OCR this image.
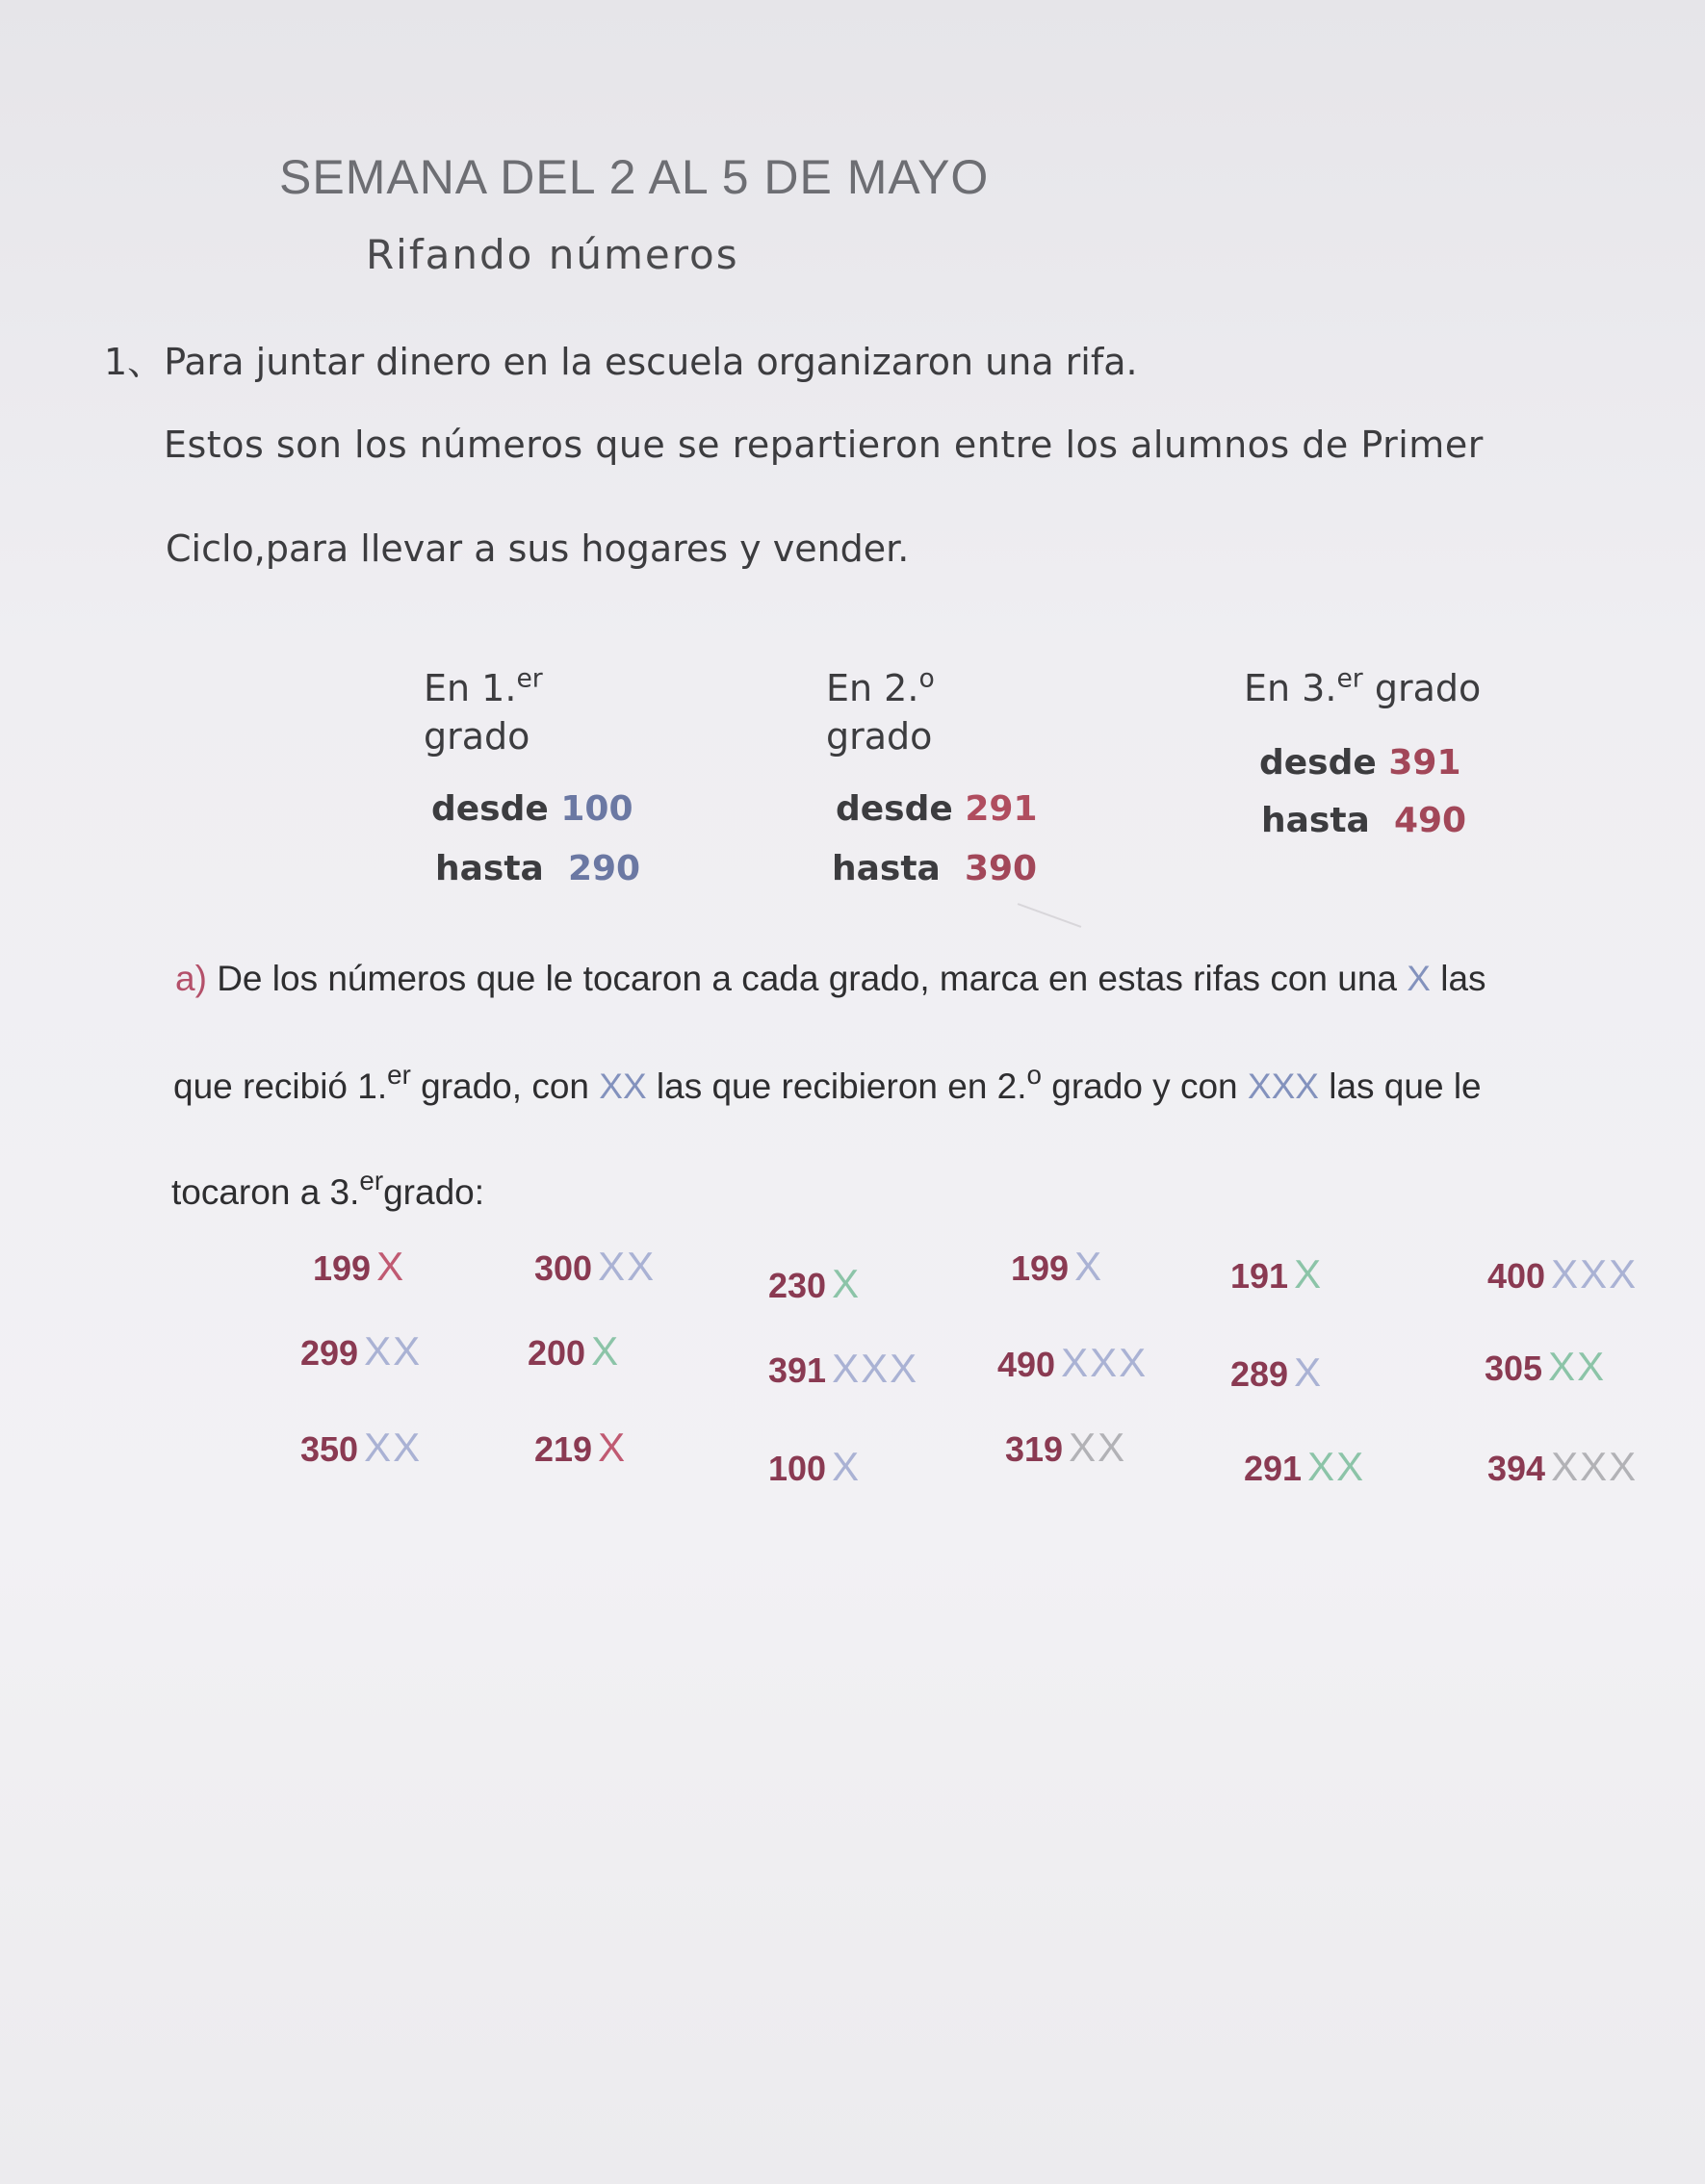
SEMANA DEL 2 AL 5 DE MAYO
Rifando números
1、Para juntar dinero en la escuela organizaron una rifa.
Estos son los números que se repartieron entre los alumnos de Primer
Ciclo,para llevar a sus hogares y vender.
En 1.$^{er}$
grado
desde 100
hasta 290
En 2.$^o$
grado
desde 291
hasta 390
En 3.$^{er}$ grado
desde 391
hasta 490
a) De los números que le tocaron a cada grado, marca en estas rifas con una X las
que recibió 1.$^{er}$ grado, con XX las que recibieron en 2.$^o$ grado y con XXX las que le
tocaron a 3.$^{er}$grado:
199 X	300 XX	230 X	199 X	191 X	400 XXX
299 XX	200 X	391 XXX 490 XXX 289 X	305 XX
350 XX	219 X	100 X	319 XX	291 XX	394 XXX
